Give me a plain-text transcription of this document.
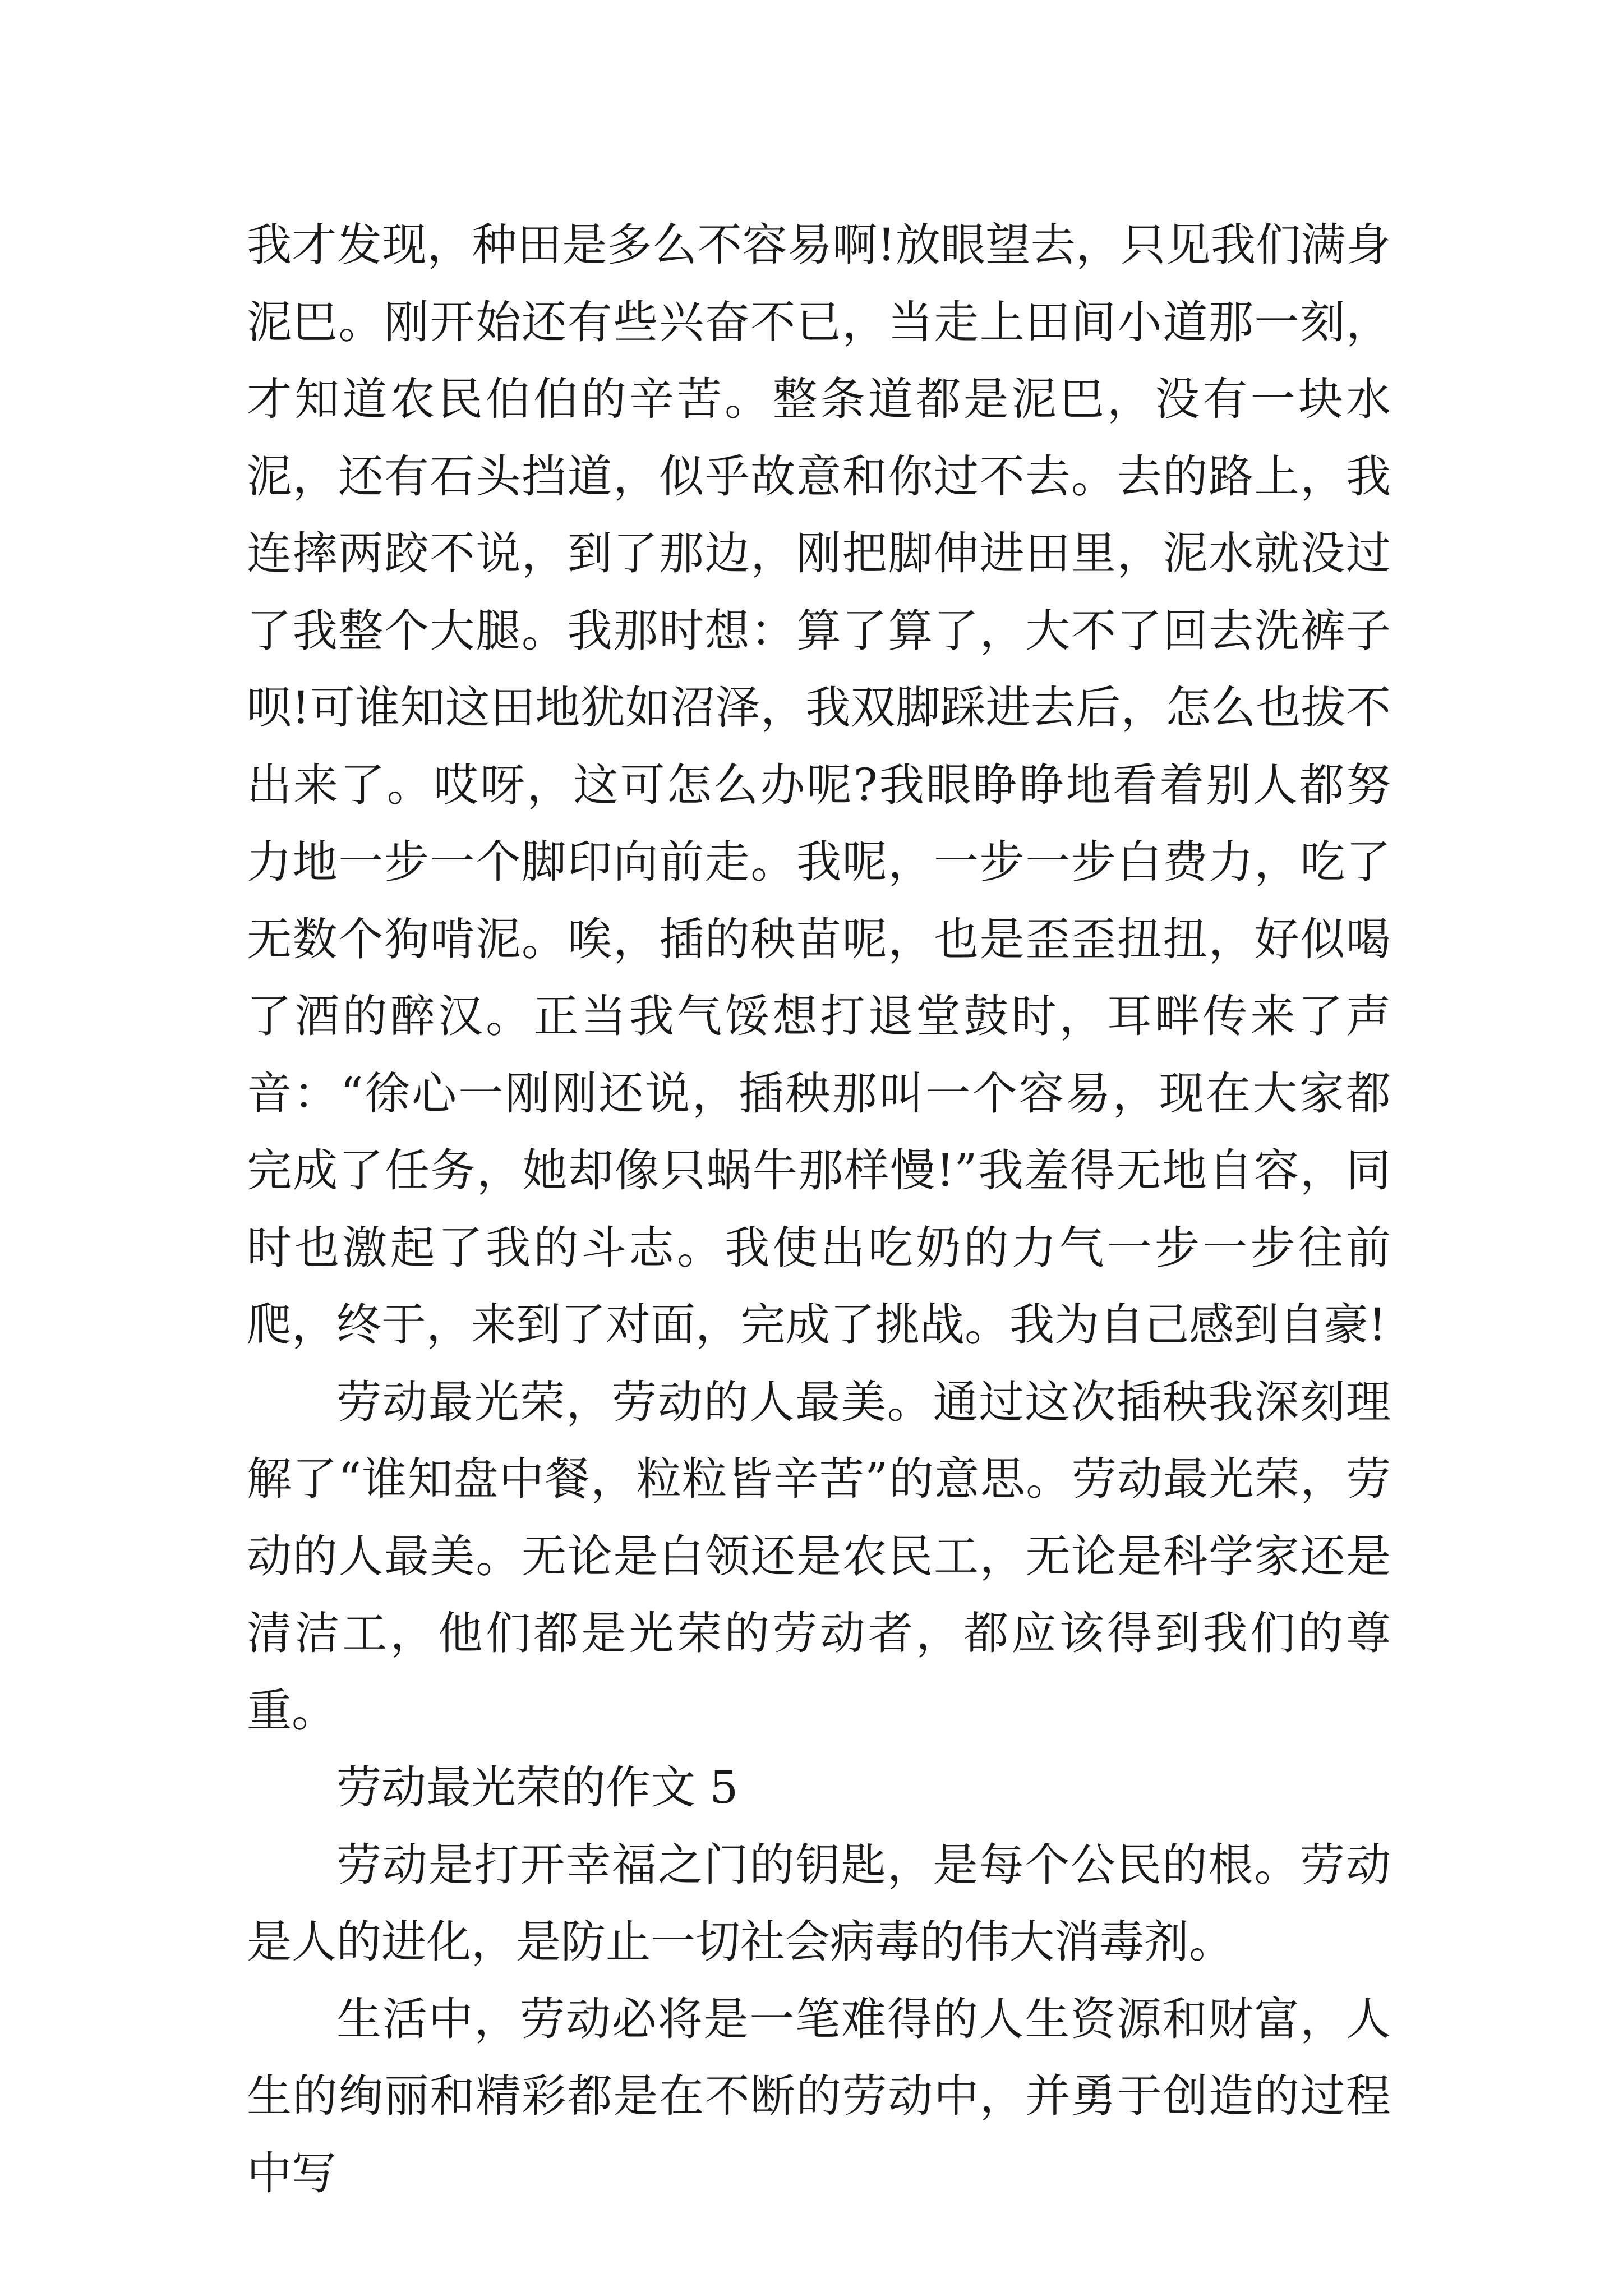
我才发现，种田是多么不容易啊!放眼望去，只见我们满身泥巴。刚开始还有些兴奋不已，当走上田间小道那一刻，才知道农民伯伯的辛苦。整条道都是泥巴，没有一块水泥，还有石头挡道，似乎故意和你过不去。去的路上，我连摔两跤不说，到了那边，刚把脚伸进田里，泥水就没过了我整个大腿。我那时想：算了算了，大不了回去洗裤子呗!可谁知这田地犹如沼泽，我双脚踩进去后，怎么也拔不出来了。哎呀，这可怎么办呢?我眼睁睁地看着别人都努力地一步一个脚印向前走。我呢，一步一步白费力，吃了无数个狗啃泥。唉，插的秧苗呢，也是歪歪扭扭，好似喝了酒的醉汉。正当我气馁想打退堂鼓时，耳畔传来了声音：“徐心一刚刚还说，插秧那叫一个容易，现在大家都完成了任务，她却像只蜗牛那样慢!”我羞得无地自容，同时也激起了我的斗志。我使出吃奶的力气一步一步往前爬，终于，来到了对面，完成了挑战。我为自己感到自豪!

劳动最光荣，劳动的人最美。通过这次插秧我深刻理解了“谁知盘中餐，粒粒皆辛苦”的意思。劳动最光荣，劳动的人最美。无论是白领还是农民工，无论是科学家还是清洁工，他们都是光荣的劳动者，都应该得到我们的尊重。

劳动最光荣的作文 5

劳动是打开幸福之门的钥匙，是每个公民的根。劳动是人的进化，是防止一切社会病毒的伟大消毒剂。

生活中，劳动必将是一笔难得的人生资源和财富，人生的绚丽和精彩都是在不断的劳动中，并勇于创造的过程中写
